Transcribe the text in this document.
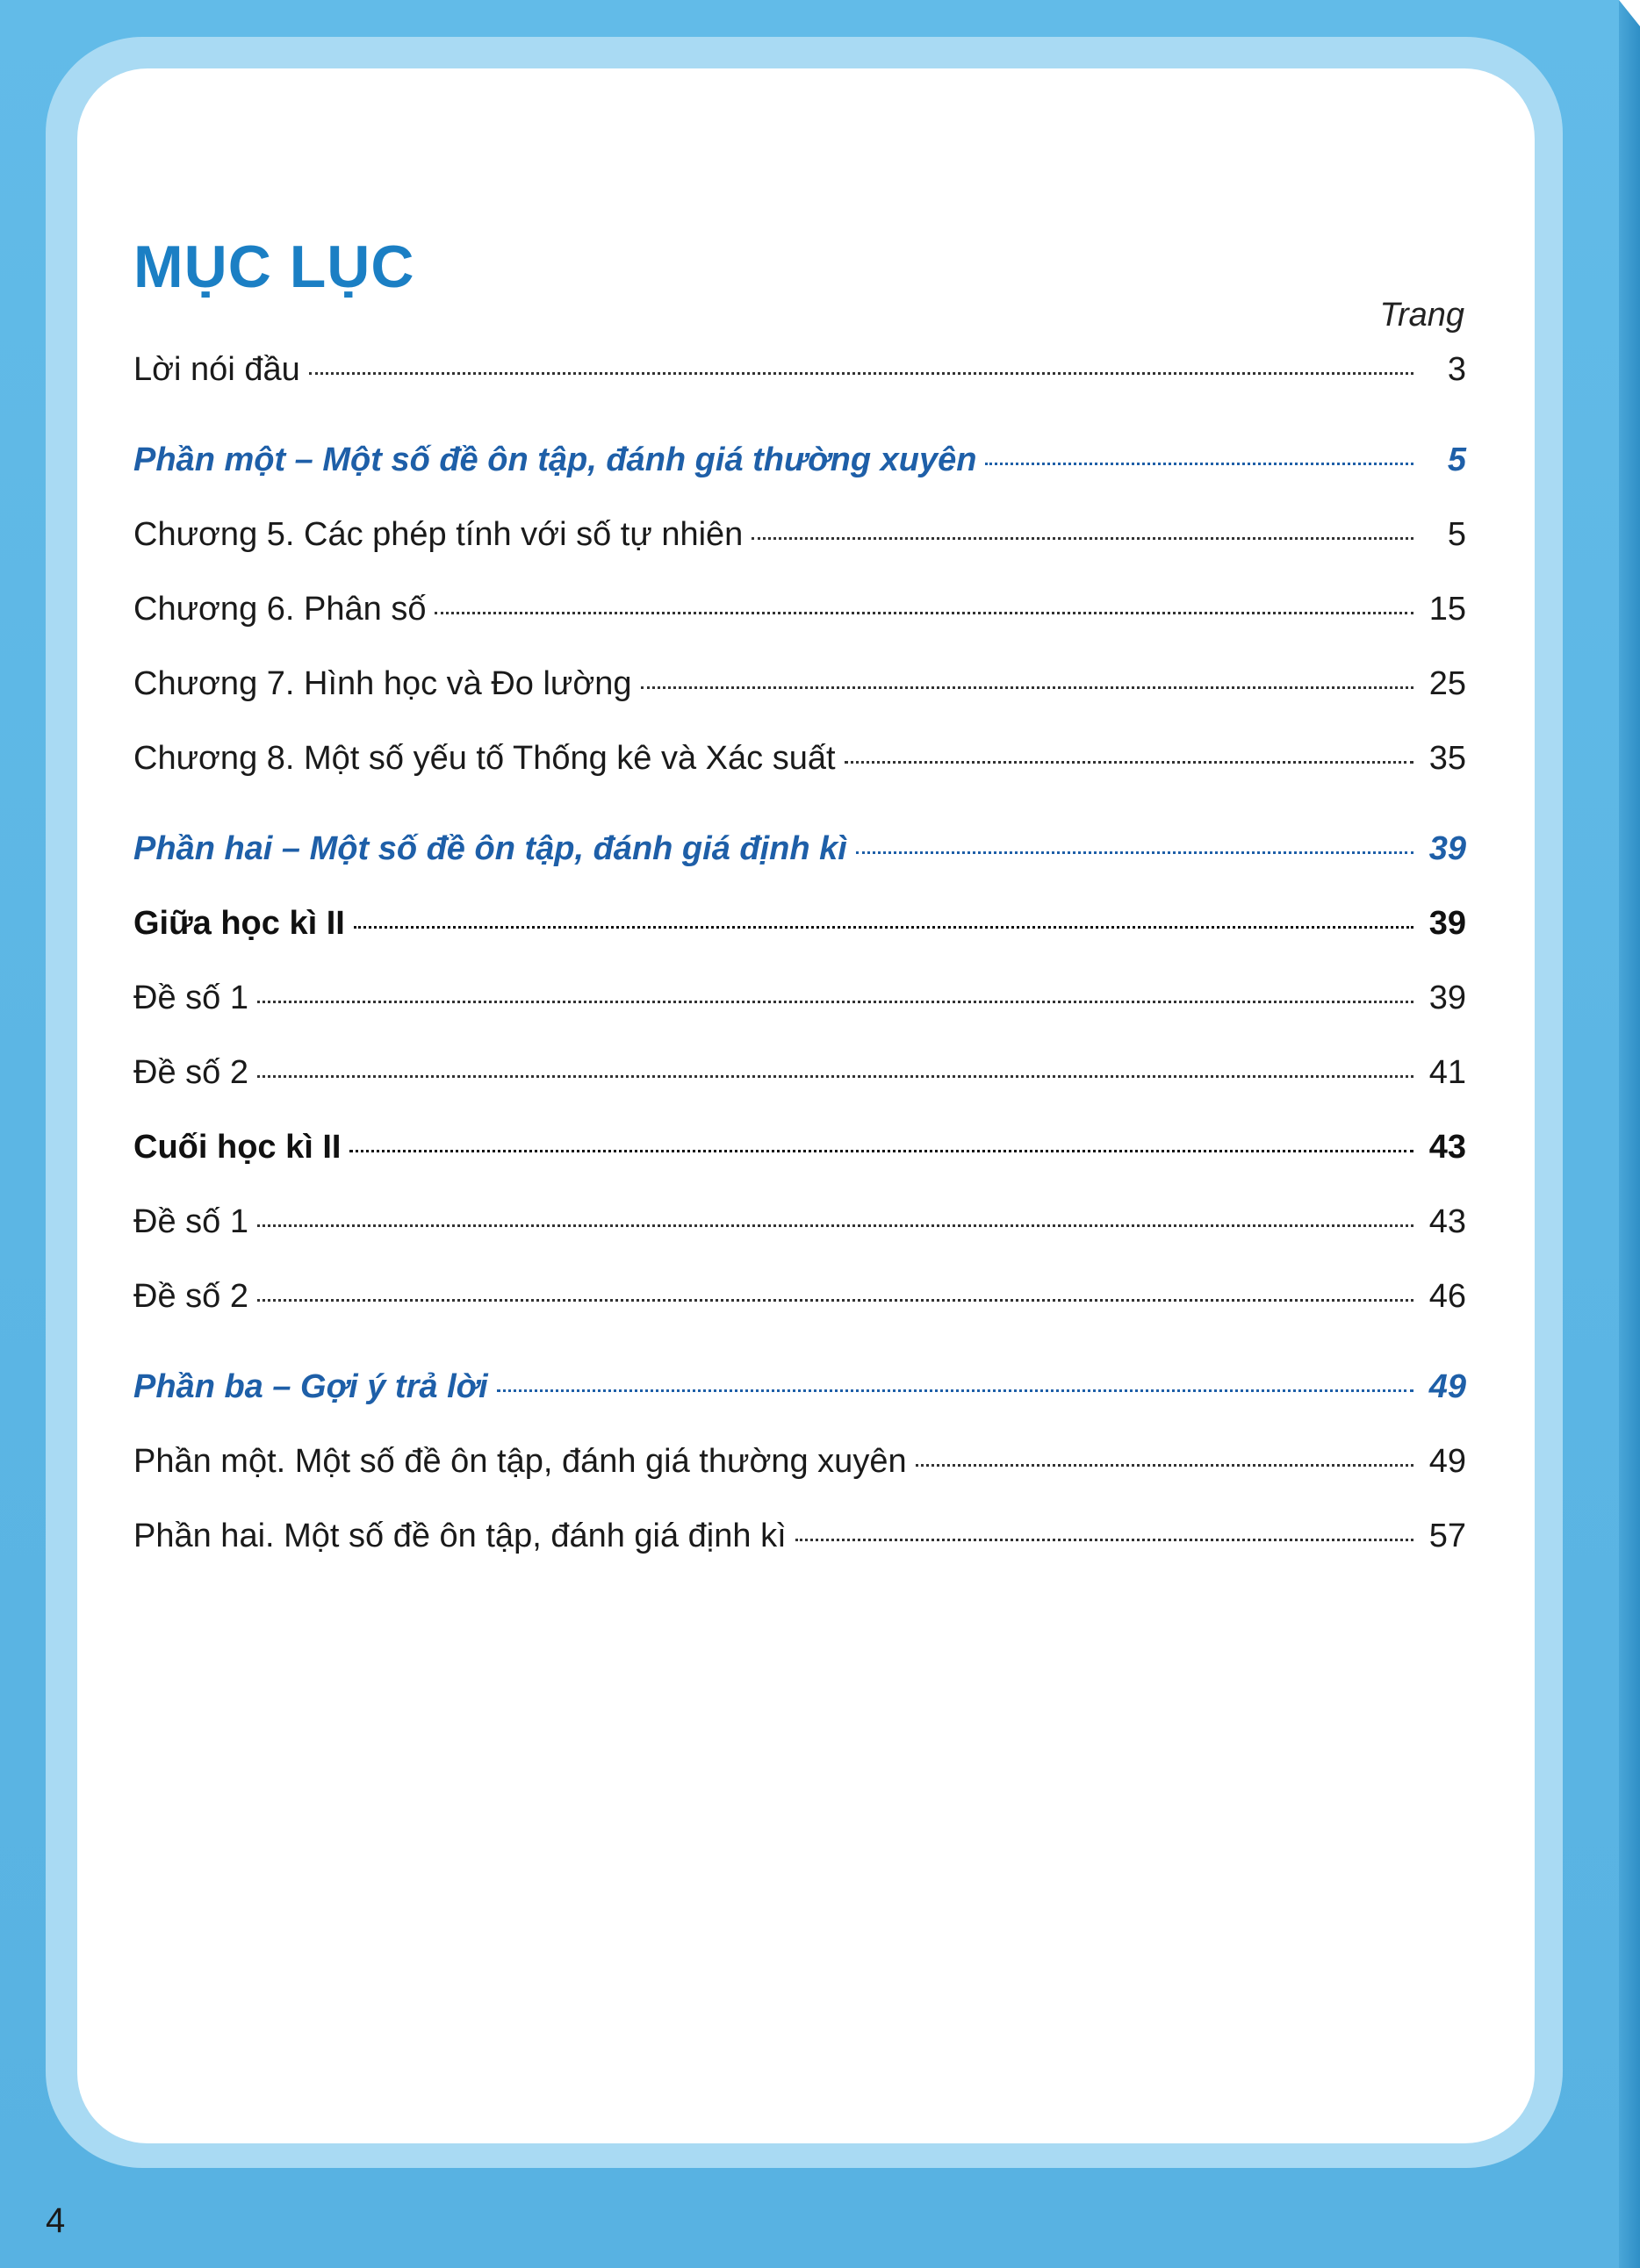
MỤC LỤC
Trang
Lời nói đầu	3
Phần một – Một số đề ôn tập, đánh giá thường xuyên	5
Chương 5. Các phép tính với số tự nhiên	5
Chương 6. Phân số	15
Chương 7. Hình học và Đo lường	25
Chương 8. Một số yếu tố Thống kê và Xác suất	35
Phần hai – Một số đề ôn tập, đánh giá định kì	39
Giữa học kì II	39
Đề số 1	39
Đề số 2	41
Cuối học kì II	43
Đề số 1	43
Đề số 2	46
Phần ba – Gợi ý trả lời	49
Phần một. Một số đề ôn tập, đánh giá thường xuyên	49
Phần hai. Một số đề ôn tập, đánh giá định kì	57
4
